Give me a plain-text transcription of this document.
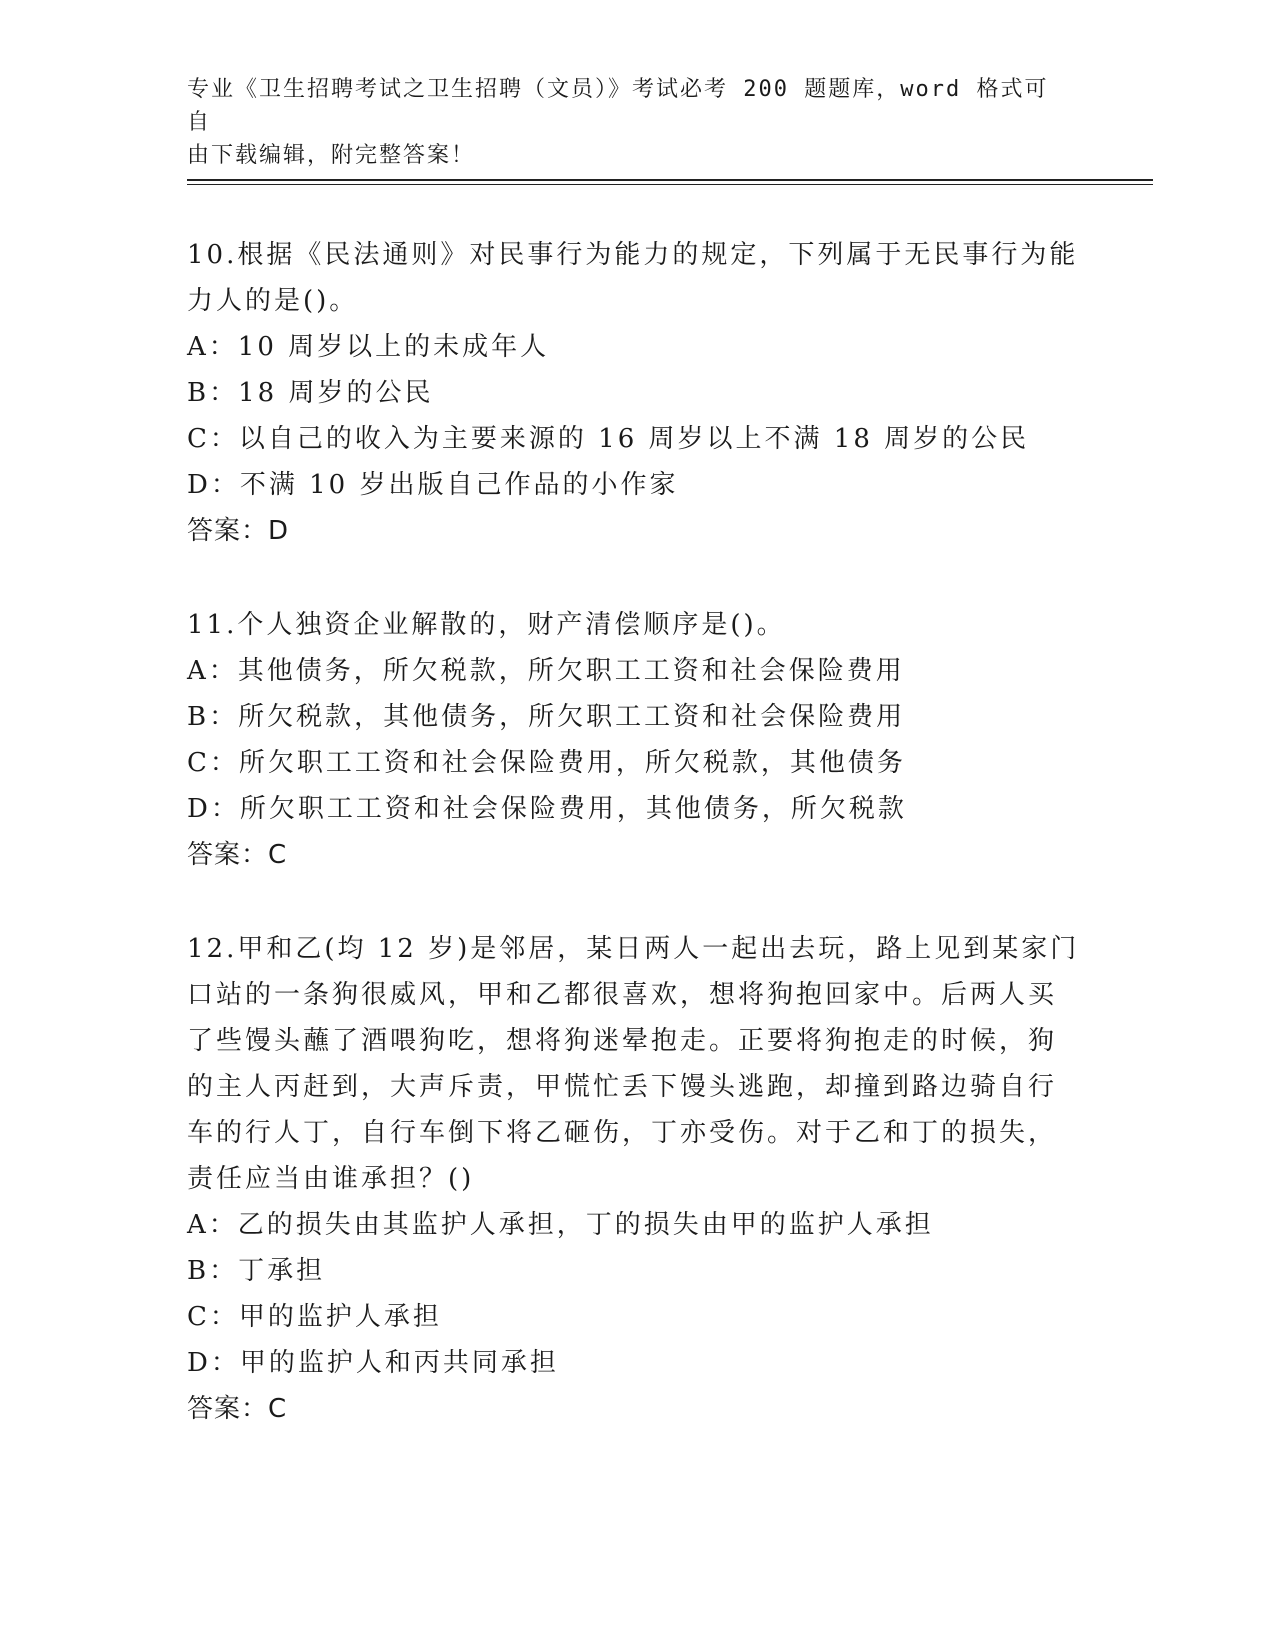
专业《卫生招聘考试之卫生招聘（文员）》考试必考 200 题题库，word 格式可自
由下载编辑，附完整答案！
10.根据《民法通则》对民事行为能力的规定，下列属于无民事行为能
力人的是()。
A：10 周岁以上的未成年人
B：18 周岁的公民
C：以自己的收入为主要来源的 16 周岁以上不满 18 周岁的公民
D：不满 10 岁出版自己作品的小作家
答案：D
11.个人独资企业解散的，财产清偿顺序是()。
A：其他债务，所欠税款，所欠职工工资和社会保险费用
B：所欠税款，其他债务，所欠职工工资和社会保险费用
C：所欠职工工资和社会保险费用，所欠税款，其他债务
D：所欠职工工资和社会保险费用，其他债务，所欠税款
答案：C
12.甲和乙(均 12 岁)是邻居，某日两人一起出去玩，路上见到某家门
口站的一条狗很威风，甲和乙都很喜欢，想将狗抱回家中。后两人买
了些馒头蘸了酒喂狗吃，想将狗迷晕抱走。正要将狗抱走的时候，狗
的主人丙赶到，大声斥责，甲慌忙丢下馒头逃跑，却撞到路边骑自行
车的行人丁，自行车倒下将乙砸伤，丁亦受伤。对于乙和丁的损失，
责任应当由谁承担？()
A：乙的损失由其监护人承担，丁的损失由甲的监护人承担
B：丁承担
C：甲的监护人承担
D：甲的监护人和丙共同承担
答案：C
